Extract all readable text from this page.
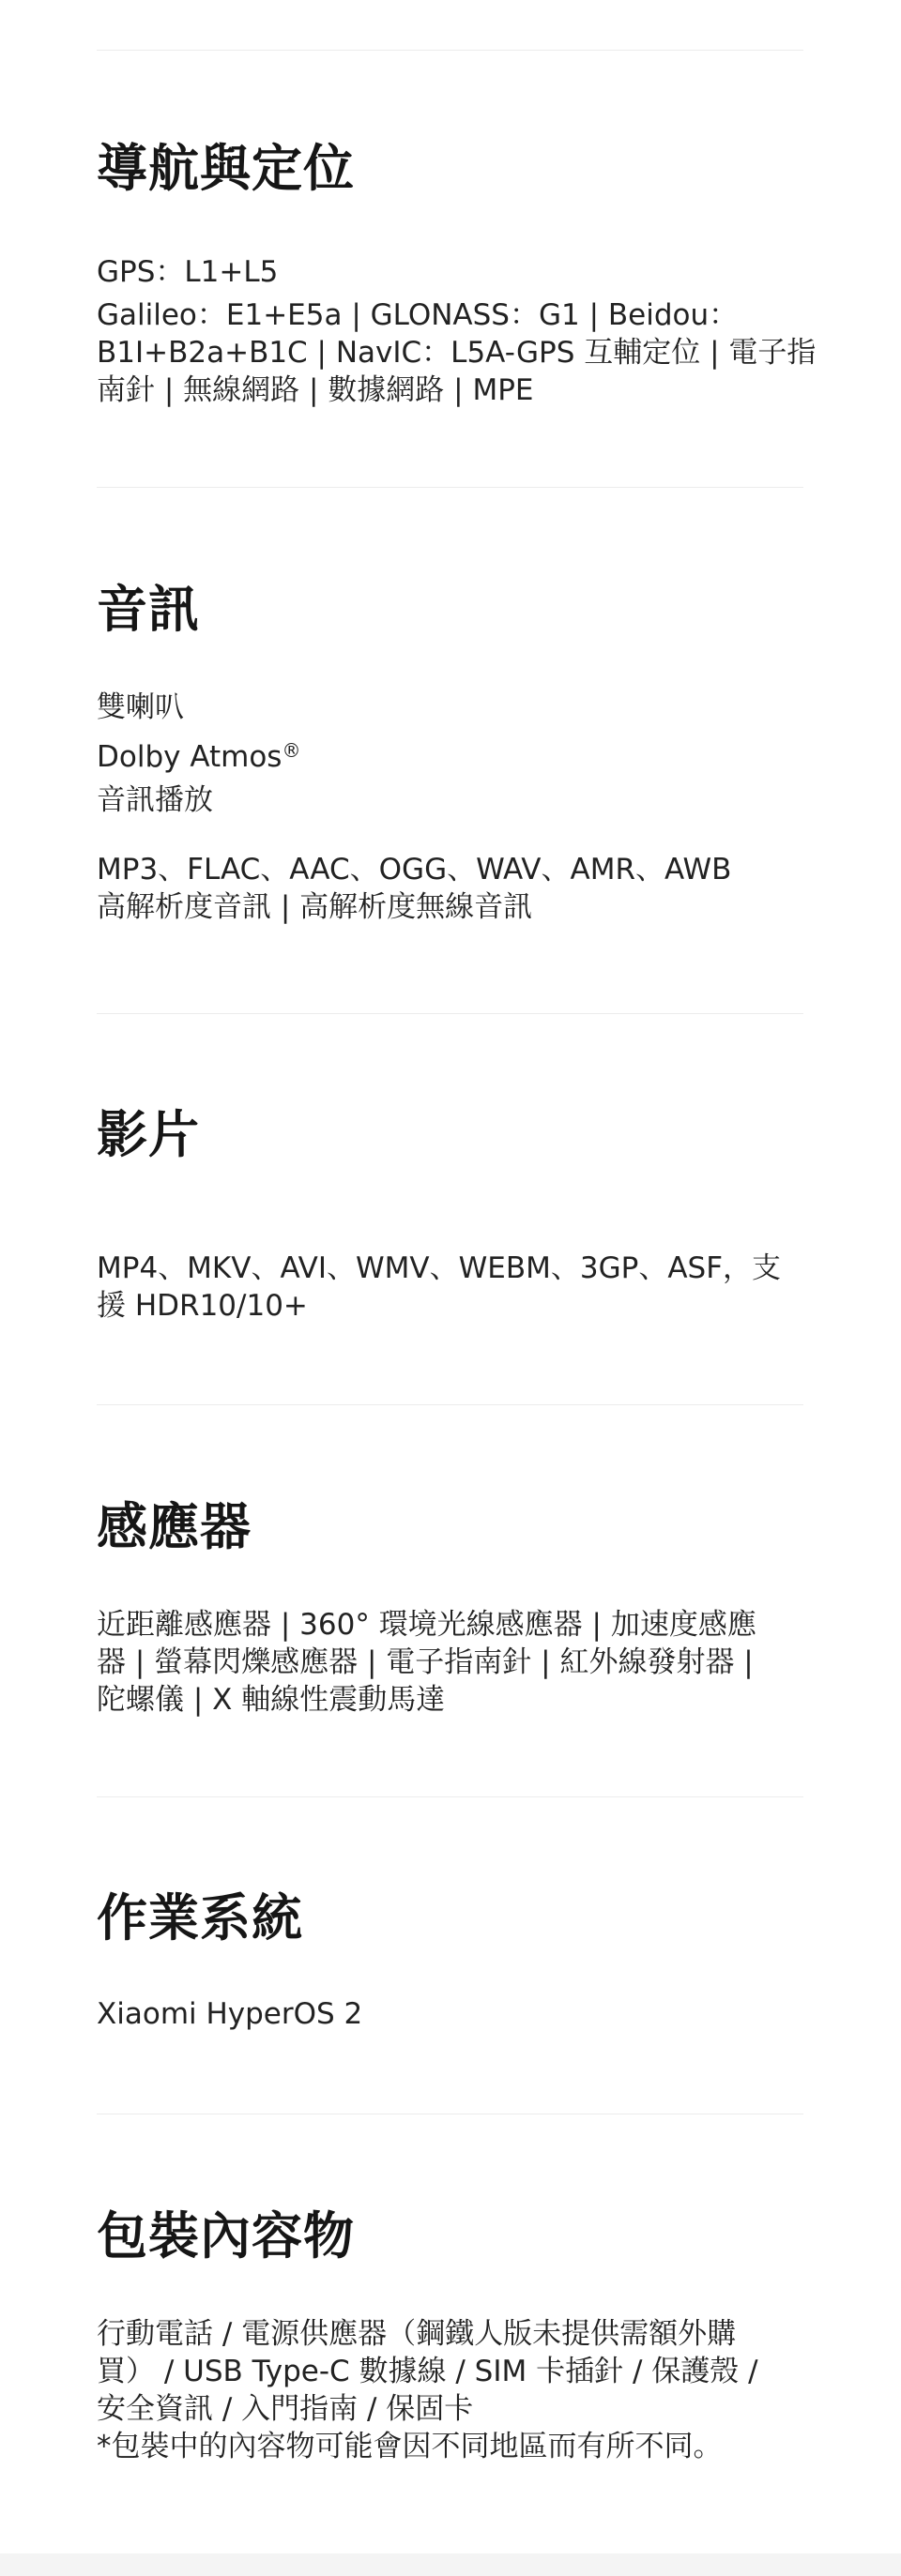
導航與定位
GPS：L1+L5
Galileo：E1+E5a | GLONASS：G1 | Beidou：
B1I+B2a+B1C | NavIC：L5A-GPS 互輔定位 | 電子指
南針 | 無線網路 | 數據網路 | MPE
音訊
雙喇叭
Dolby Atmos®
音訊播放
MP3、FLAC、AAC、OGG、WAV、AMR、AWB
高解析度音訊 | 高解析度無線音訊
影片
MP4、MKV、AVI、WMV、WEBM、3GP、ASF，支
援 HDR10/10+
感應器
近距離感應器 | 360° 環境光線感應器 | 加速度感應
器 | 螢幕閃爍感應器 | 電子指南針 | 紅外線發射器 |
陀螺儀 | X 軸線性震動馬達
作業系統
Xiaomi HyperOS 2
包裝內容物
行動電話 / 電源供應器（鋼鐵人版未提供需額外購
買） / USB Type-C 數據線 / SIM 卡插針 / 保護殼 /
安全資訊 / 入門指南 / 保固卡
*包裝中的內容物可能會因不同地區而有所不同。
